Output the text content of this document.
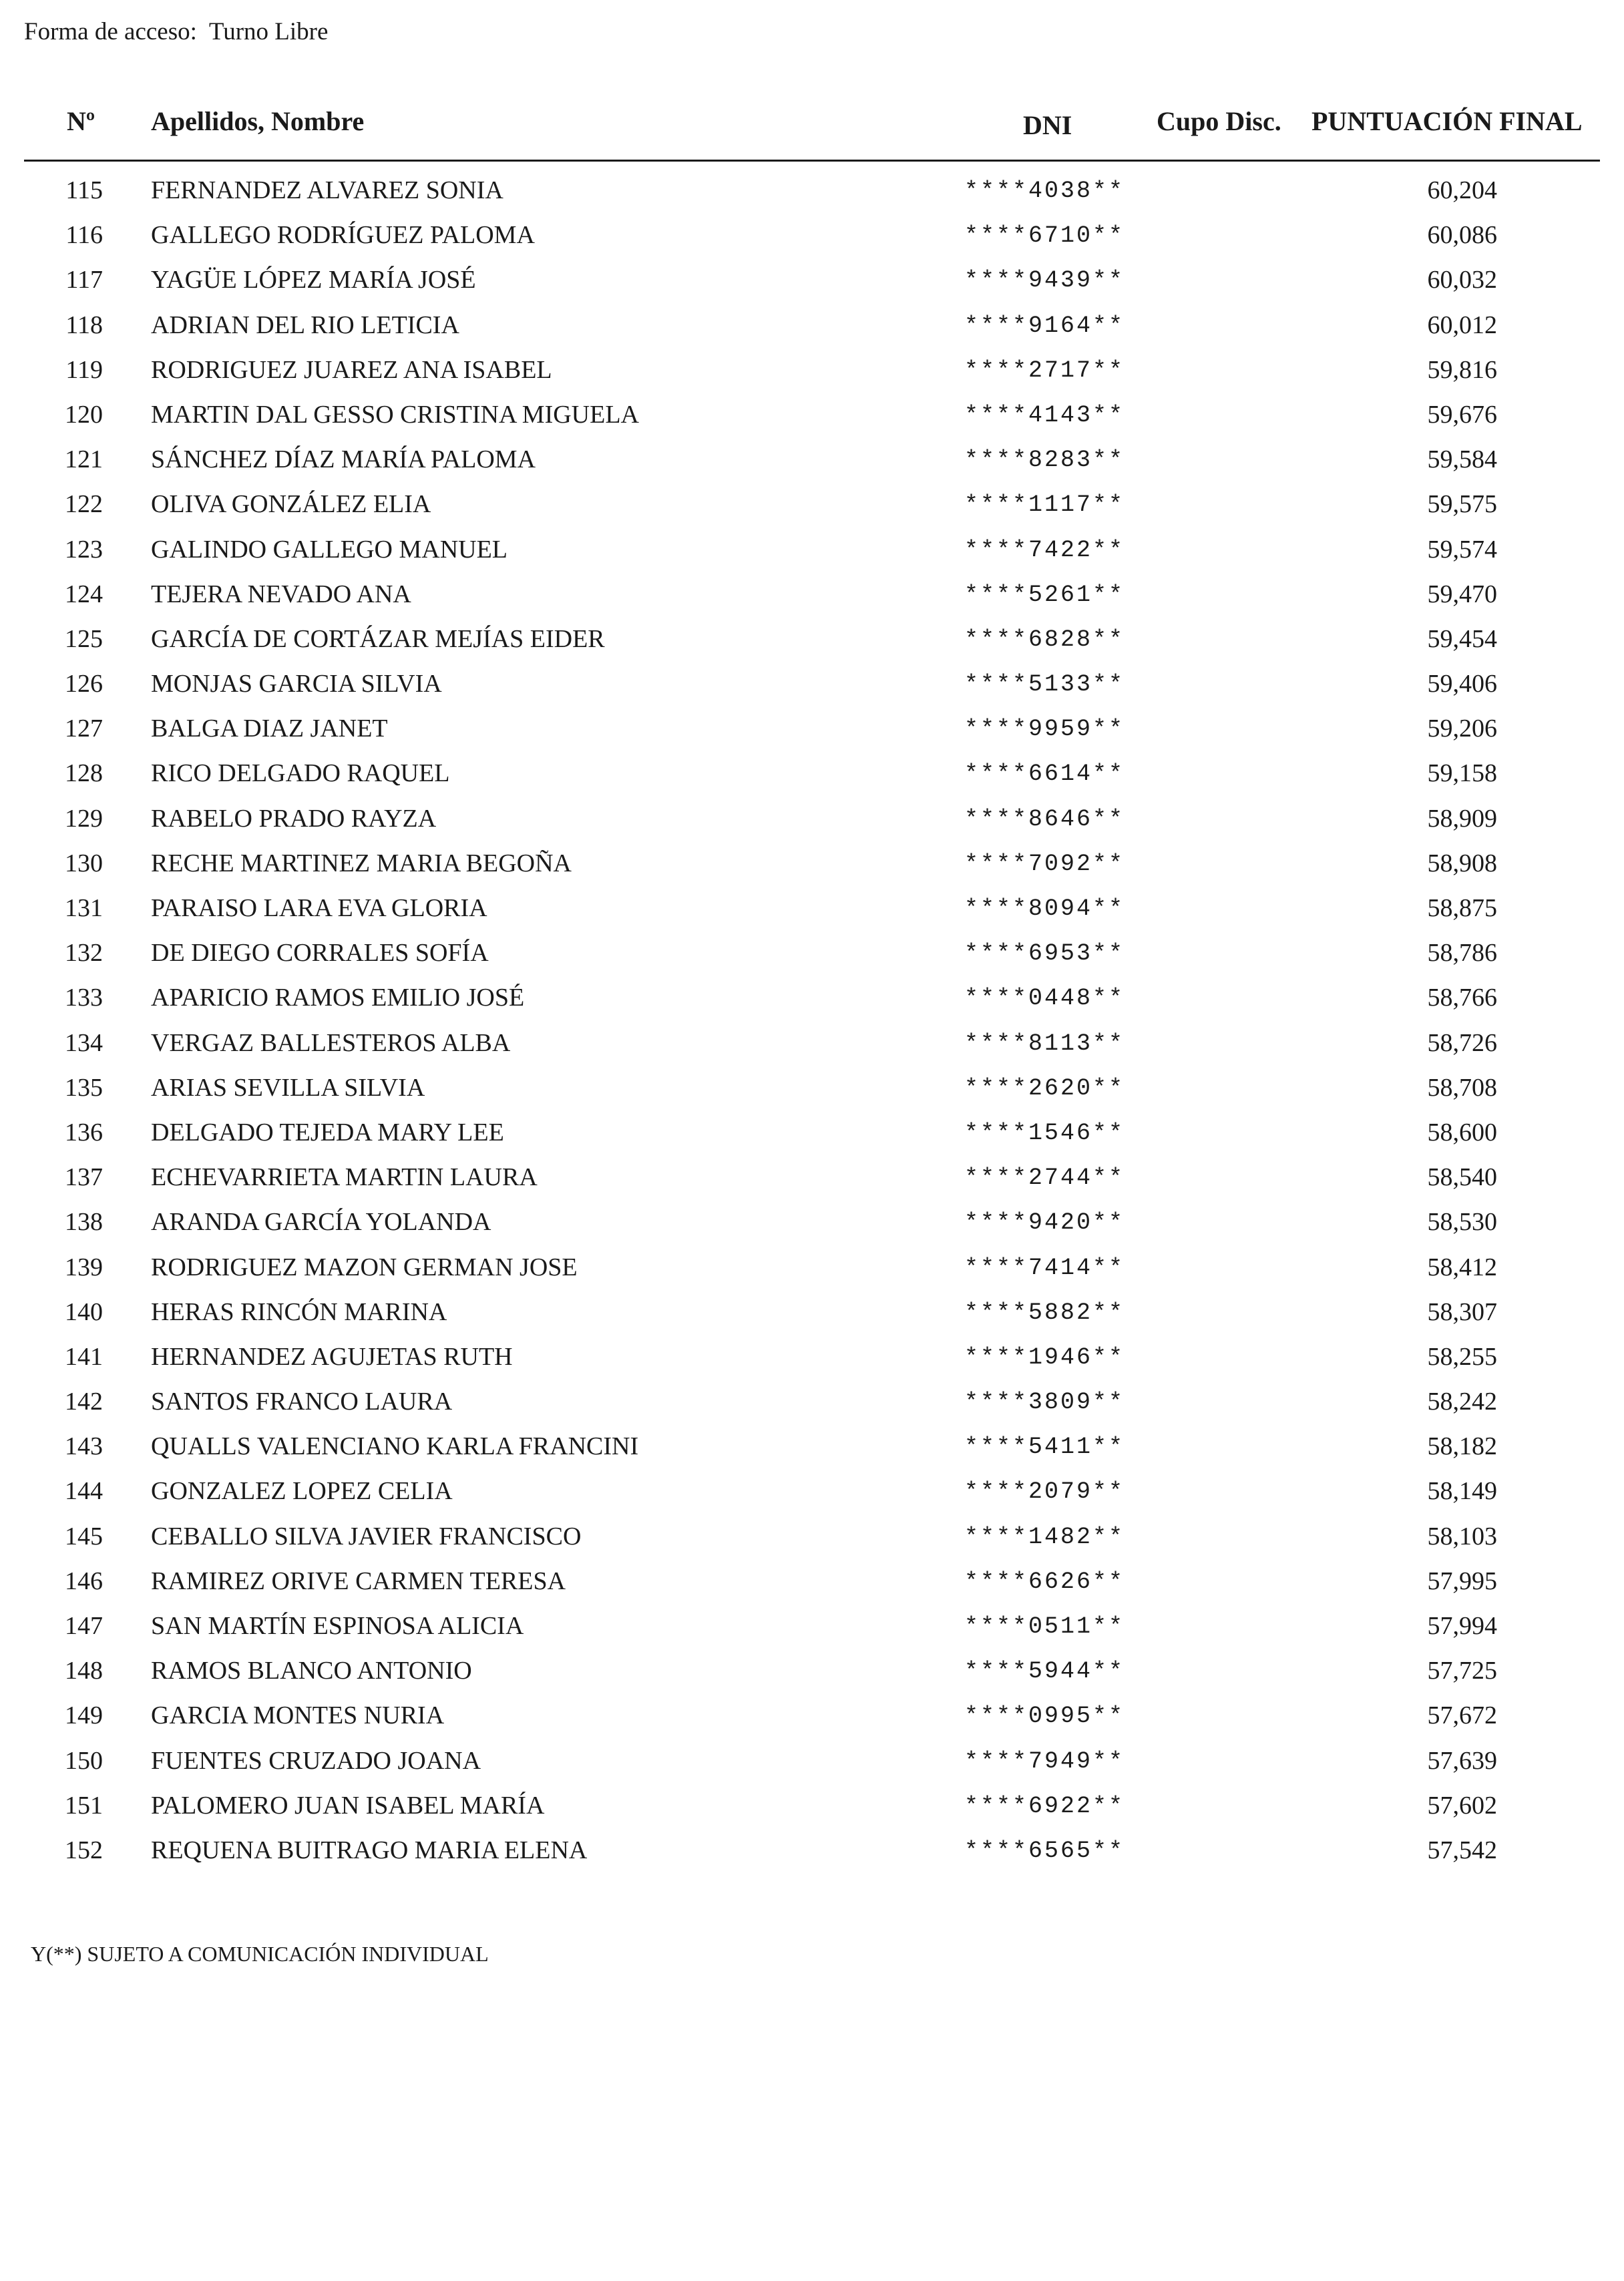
Forma de acceso: Turno Libre
Nº Apellidos, Nombre	DNI	Cupo Disc. PUNTUACIÓN FINAL
115 FERNANDEZ ALVAREZ SONIA	****4038**	60,204
116 GALLEGO RODRÍGUEZ PALOMA	****6710**	60,086
117 YAGÜE LÓPEZ MARÍA JOSÉ	****9439**	60,032
118 ADRIAN DEL RIO LETICIA	****9164**	60,012
119 RODRIGUEZ JUAREZ ANA ISABEL	****2717**	59,816
120 MARTIN DAL GESSO CRISTINA MIGUELA	****4143**	59,676
121 SÁNCHEZ DÍAZ MARÍA PALOMA	****8283**	59,584
122 OLIVA GONZÁLEZ ELIA	****1117**	59,575
123 GALINDO GALLEGO MANUEL	****7422**	59,574
124 TEJERA NEVADO ANA	****5261**	59,470
125 GARCÍA DE CORTÁZAR MEJÍAS EIDER	****6828**	59,454
126 MONJAS GARCIA SILVIA	****5133**	59,406
127 BALGA DIAZ JANET	****9959**	59,206
128 RICO DELGADO RAQUEL	****6614**	59,158
129 RABELO PRADO RAYZA	****8646**	58,909
130 RECHE MARTINEZ MARIA BEGOÑA	****7092**	58,908
131 PARAISO LARA EVA GLORIA	****8094**	58,875
132 DE DIEGO CORRALES SOFÍA	****6953**	58,786
133 APARICIO RAMOS EMILIO JOSÉ	****0448**	58,766
134 VERGAZ BALLESTEROS ALBA	****8113**	58,726
135 ARIAS SEVILLA SILVIA	****2620**	58,708
136 DELGADO TEJEDA MARY LEE	****1546**	58,600
137 ECHEVARRIETA MARTIN LAURA	****2744**	58,540
138 ARANDA GARCÍA YOLANDA	****9420**	58,530
139 RODRIGUEZ MAZON GERMAN JOSE	****7414**	58,412
140 HERAS RINCÓN MARINA	****5882**	58,307
141 HERNANDEZ AGUJETAS RUTH	****1946**	58,255
142 SANTOS FRANCO LAURA	****3809**	58,242
143 QUALLS VALENCIANO KARLA FRANCINI	****5411**	58,182
144 GONZALEZ LOPEZ CELIA	****2079**	58,149
145 CEBALLO SILVA JAVIER FRANCISCO	****1482**	58,103
146 RAMIREZ ORIVE CARMEN TERESA	****6626**	57,995
147 SAN MARTÍN ESPINOSA ALICIA	****0511**	57,994
148 RAMOS BLANCO ANTONIO	****5944**	57,725
149 GARCIA MONTES NURIA	****0995**	57,672
150 FUENTES CRUZADO JOANA	****7949**	57,639
151 PALOMERO JUAN ISABEL MARÍA	****6922**	57,602
152 REQUENA BUITRAGO MARIA ELENA	****6565**	57,542
Y(**) SUJETO A COMUNICACIÓN INDIVIDUAL
